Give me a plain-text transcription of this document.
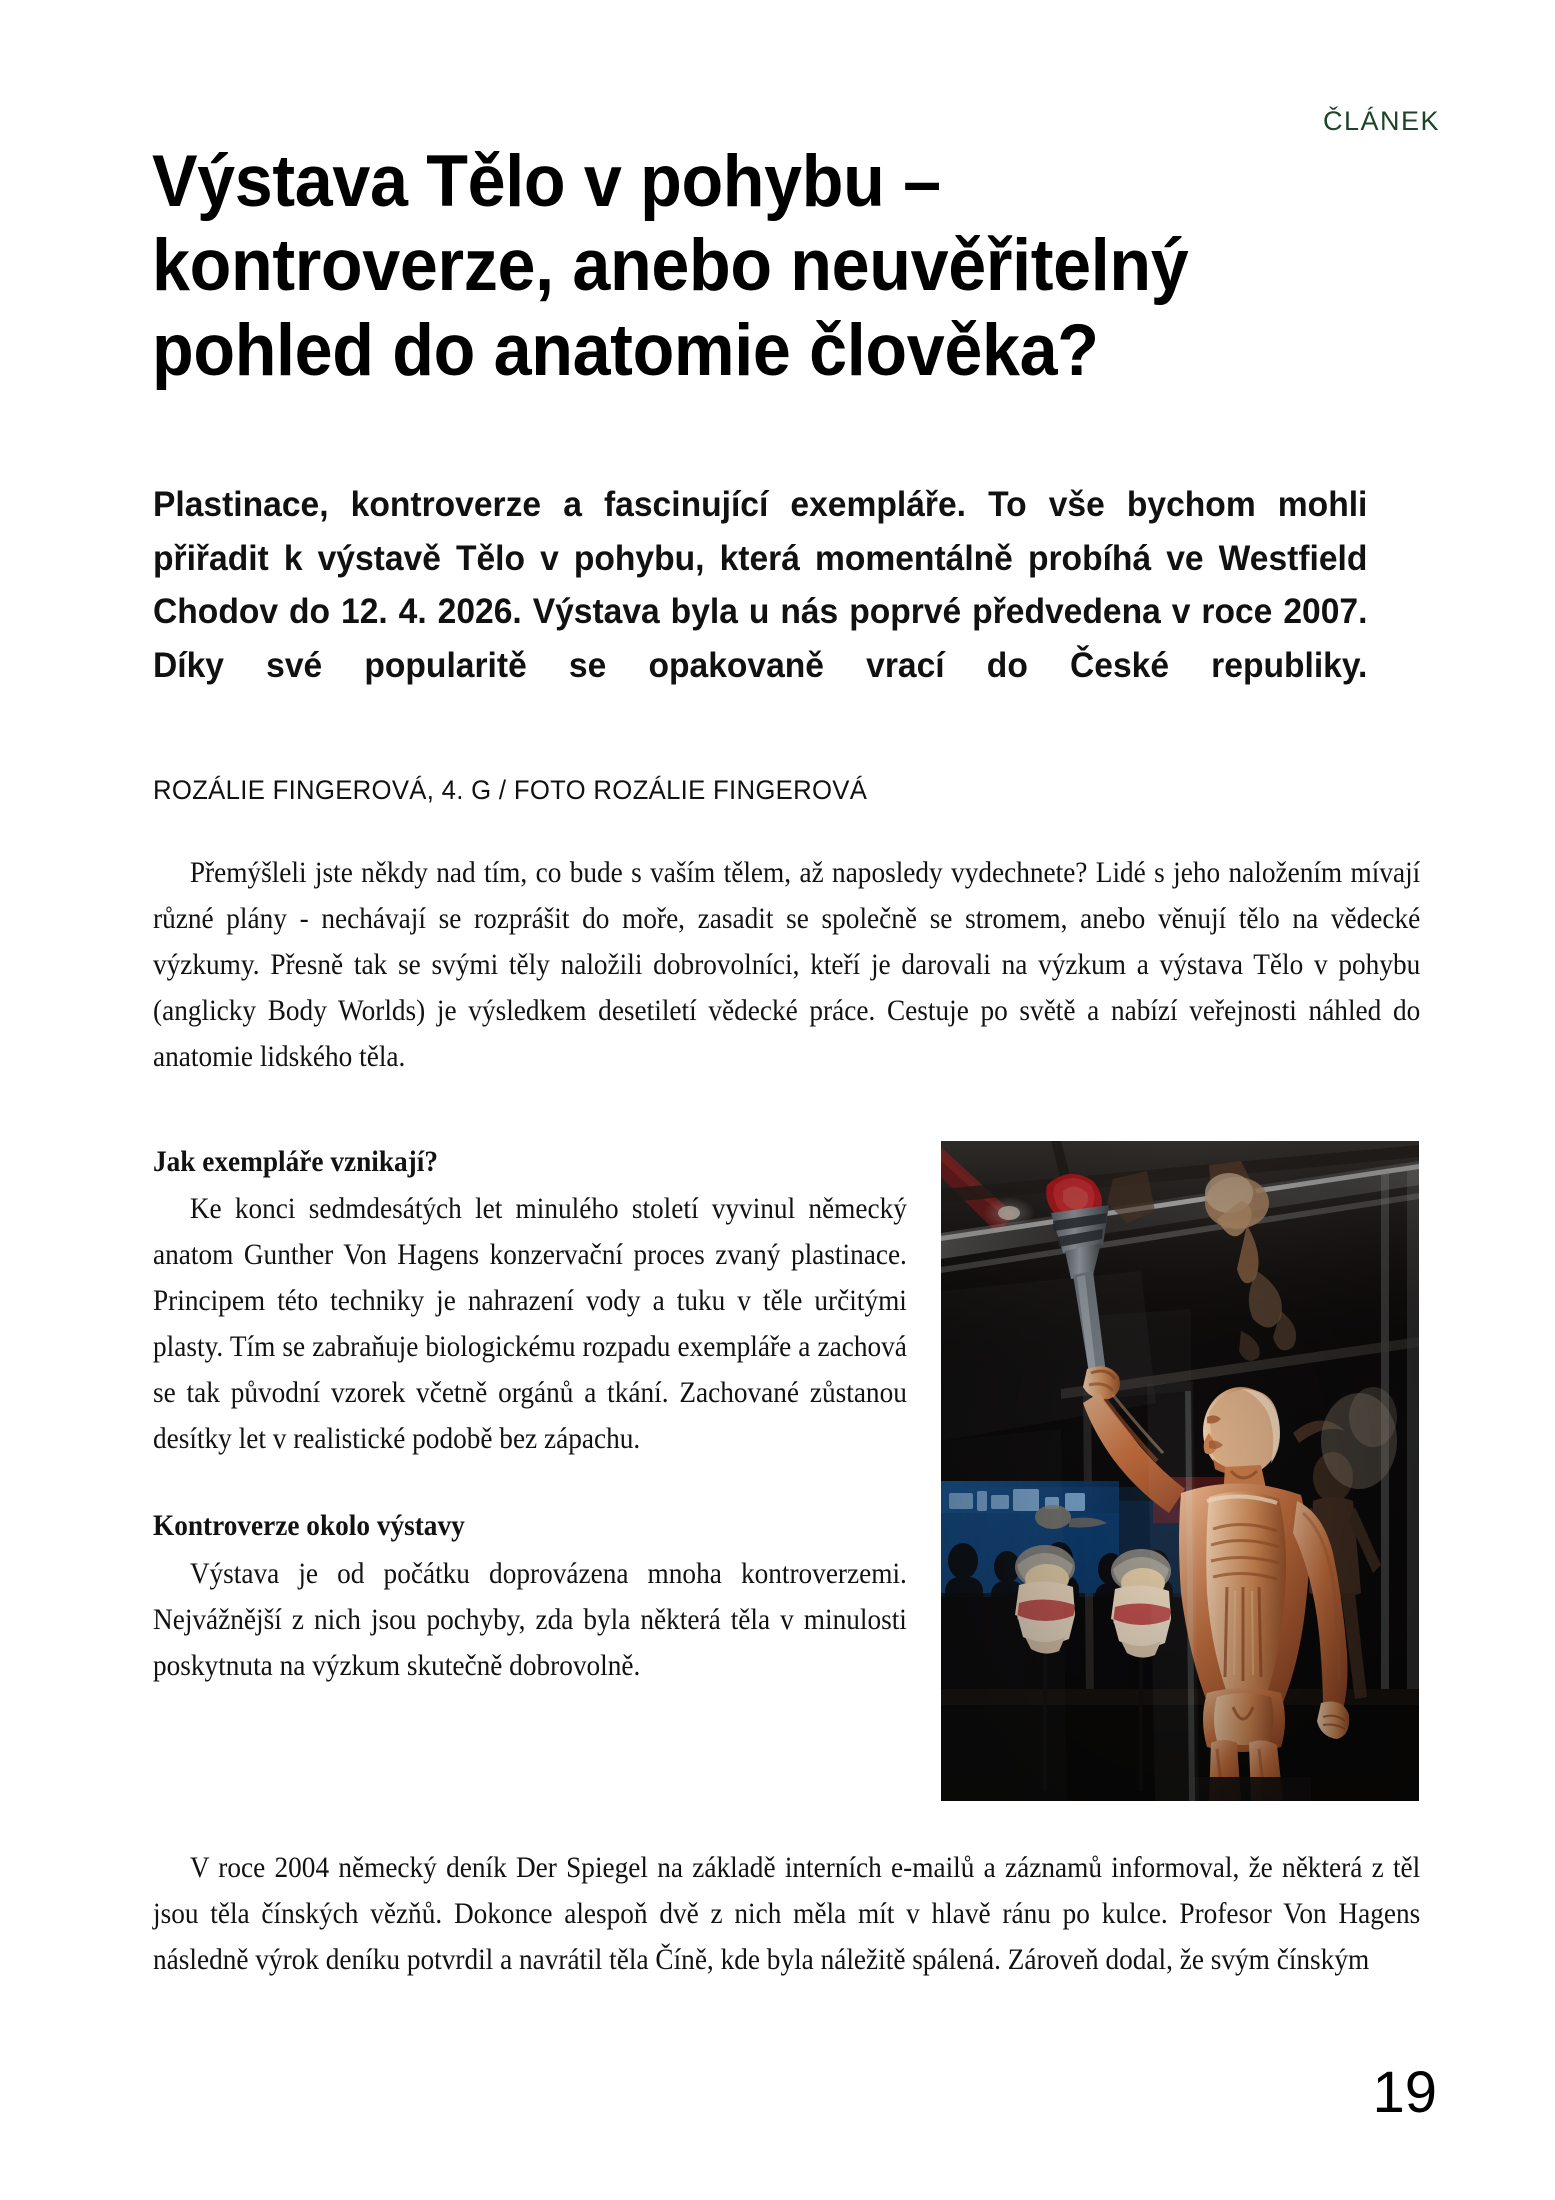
ČLÁNEK
Výstava Tělo v pohybu – kontroverze, anebo neuvěřitelný pohled do anatomie člověka?

Plastinace, kontroverze a fascinující exempláře. To vše bychom mohli přiřadit k výstavě Tělo v pohybu, která momentálně probíhá ve Westfield Chodov do 12. 4. 2026. Výstava byla u nás poprvé předvedena v roce 2007. Díky své popularitě se opakovaně vrací do České republiky.

ROZÁLIE FINGEROVÁ, 4. G / FOTO ROZÁLIE FINGEROVÁ

Přemýšleli jste někdy nad tím, co bude s vaším tělem, až naposledy vydechnete? Lidé s jeho naložením mívají různé plány - nechávají se rozprášit do moře, zasadit se společně se stromem, anebo věnují tělo na vědecké výzkumy. Přesně tak se svými těly naložili dobrovolníci, kteří je darovali na výzkum a výstava Tělo v pohybu (anglicky Body Worlds) je výsledkem desetiletí vědecké práce. Cestuje po světě a nabízí veřejnosti náhled do anatomie lidského těla.

Jak exempláře vznikají?

Ke konci sedmdesátých let minulého století vyvinul německý anatom Gunther Von Hagens konzervační proces zvaný plastinace. Principem této techniky je nahrazení vody a tuku v těle určitými plasty. Tím se zabraňuje biologickému rozpadu exempláře a zachová se tak původní vzorek včetně orgánů a tkání. Zachované zůstanou desítky let v realistické podobě bez zápachu.

Kontroverze okolo výstavy

Výstava je od počátku doprovázena mnoha kontroverzemi. Nejvážnější z nich jsou pochyby, zda byla některá těla v minulosti poskytnuta na výzkum skutečně dobrovolně.

V roce 2004 německý deník Der Spiegel na základě interních e-mailů a záznamů informoval, že některá z těl jsou těla čínských vězňů. Dokonce alespoň dvě z nich měla mít v hlavě ránu po kulce. Profesor Von Hagens následně výrok deníku potvrdil a navrátil těla Číně, kde byla náležitě spálená. Zároveň dodal, že svým čínským

19
